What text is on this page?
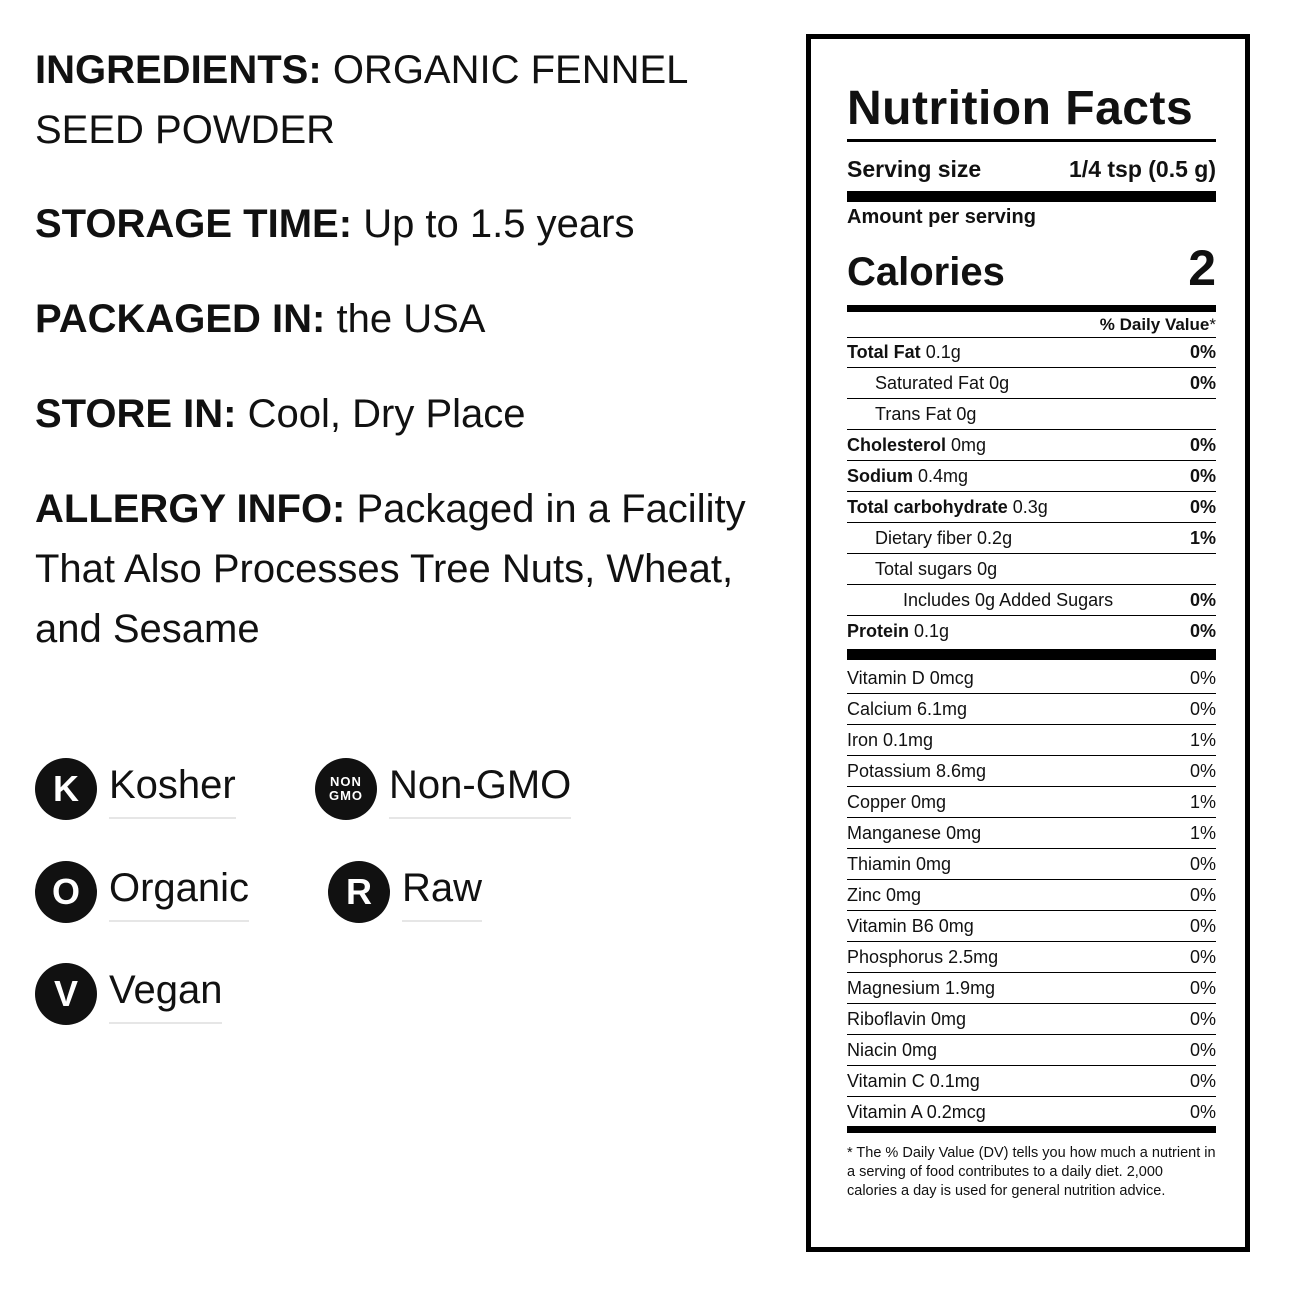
INGREDIENTS: ORGANIC FENNEL SEED POWDER

STORAGE TIME: Up to 1.5 years

PACKAGED IN: the USA

STORE IN: Cool, Dry Place

ALLERGY INFO: Packaged in a Facility That Also Processes Tree Nuts, Wheat, and Sesame

K Kosher	NON
GMO Non-GMO
O Organic	R Raw
V Vegan
Nutrition Facts
Serving size	1/4 tsp (0.5 g)
Amount per serving
Calories	2
% Daily Value*
Total Fat 0.1g	0%
Saturated Fat 0g	0%
Trans Fat 0g
Cholesterol 0mg	0%
Sodium 0.4mg	0%
Total carbohydrate 0.3g	0%
Dietary fiber 0.2g	1%
Total sugars 0g
Includes 0g Added Sugars	0%
Protein 0.1g	0%
Vitamin D 0mcg	0%
Calcium 6.1mg	0%
Iron 0.1mg	1%
Potassium 8.6mg	0%
Copper 0mg	1%
Manganese 0mg	1%
Thiamin 0mg	0%
Zinc 0mg	0%
Vitamin B6 0mg	0%
Phosphorus 2.5mg	0%
Magnesium 1.9mg	0%
Riboflavin 0mg	0%
Niacin 0mg	0%
Vitamin C 0.1mg	0%
Vitamin A 0.2mcg	0%
* The % Daily Value (DV) tells you how much a nutrient in a serving of food contributes to a daily diet. 2,000 calories a day is used for general nutrition advice.
